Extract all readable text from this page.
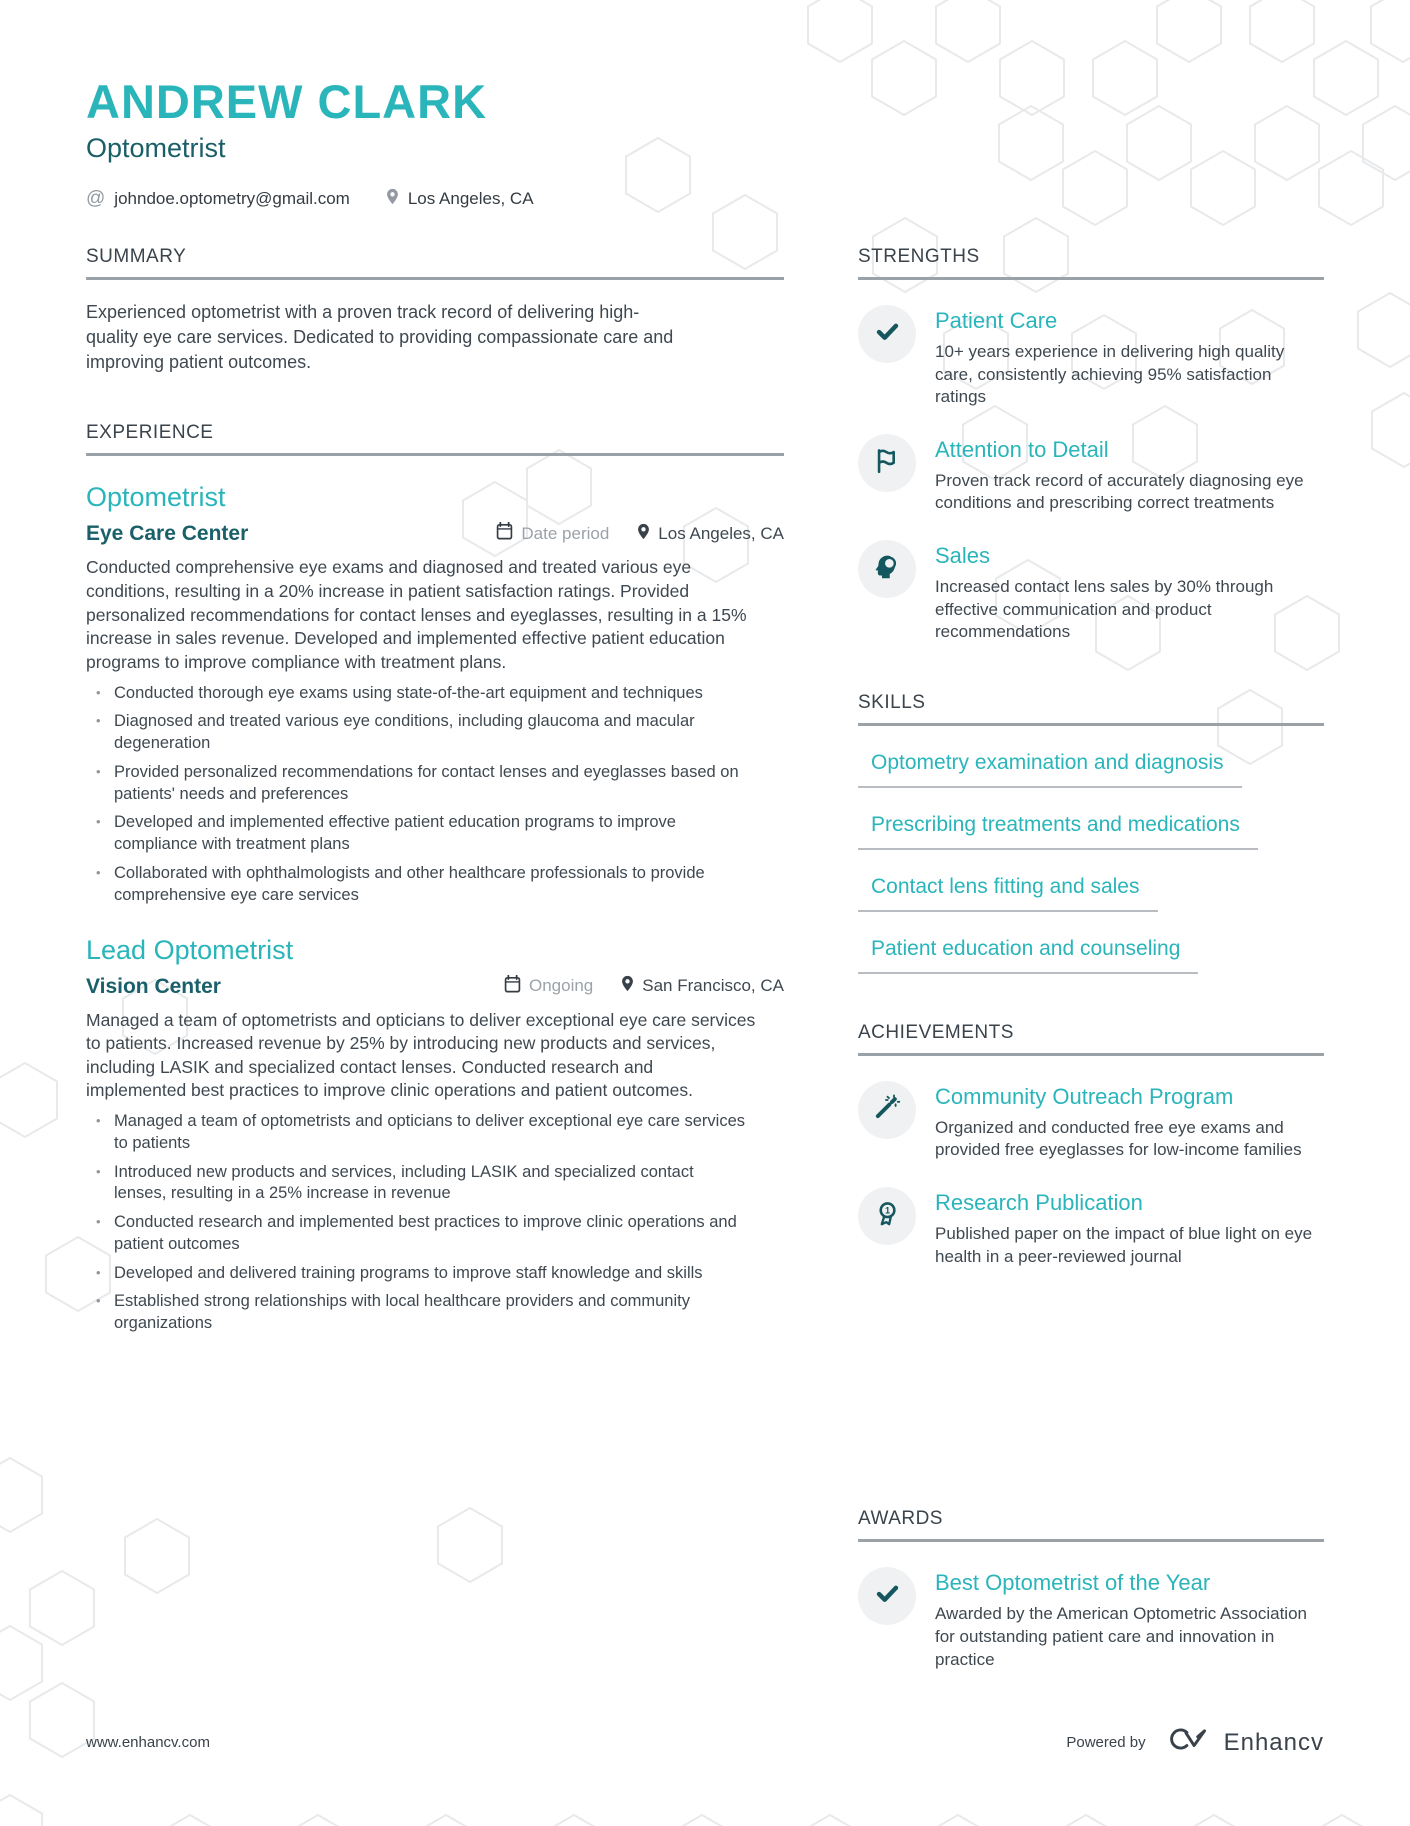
ANDREW CLARK
Optometrist
@ johndoe.optometry@gmail.com	Los Angeles, CA
SUMMARY

Experienced optometrist with a proven track record of delivering high-quality eye care services. Dedicated to providing compassionate care and improving patient outcomes.

EXPERIENCE
Optometrist
Eye Care Center	Date period	Los Angeles, CA

Conducted comprehensive eye exams and diagnosed and treated various eye conditions, resulting in a 20% increase in patient satisfaction ratings. Provided personalized recommendations for contact lenses and eyeglasses, resulting in a 15% increase in sales revenue. Developed and implemented effective patient education programs to improve compliance with treatment plans.

• Conducted thorough eye exams using state-of-the-art equipment and techniques
• Diagnosed and treated various eye conditions, including glaucoma and macular degeneration
• Provided personalized recommendations for contact lenses and eyeglasses based on patients' needs and preferences
• Developed and implemented effective patient education programs to improve compliance with treatment plans
• Collaborated with ophthalmologists and other healthcare professionals to provide comprehensive eye care services
Lead Optometrist
Vision Center	Ongoing	San Francisco, CA

Managed a team of optometrists and opticians to deliver exceptional eye care services to patients. Increased revenue by 25% by introducing new products and services, including LASIK and specialized contact lenses. Conducted research and implemented best practices to improve clinic operations and patient outcomes.

• Managed a team of optometrists and opticians to deliver exceptional eye care services to patients
• Introduced new products and services, including LASIK and specialized contact lenses, resulting in a 25% increase in revenue
• Conducted research and implemented best practices to improve clinic operations and patient outcomes
• Developed and delivered training programs to improve staff knowledge and skills
• Established strong relationships with local healthcare providers and community organizations
STRENGTHS
Patient Care
10+ years experience in delivering high quality care, consistently achieving 95% satisfaction ratings
Attention to Detail
Proven track record of accurately diagnosing eye conditions and prescribing correct treatments
Sales
Increased contact lens sales by 30% through effective communication and product recommendations
SKILLS
Optometry examination and diagnosis
Prescribing treatments and medications
Contact lens fitting and sales
Patient education and counseling
ACHIEVEMENTS
Community Outreach Program
Organized and conducted free eye exams and provided free eyeglasses for low-income families
1 Research Publication
Published paper on the impact of blue light on eye health in a peer-reviewed journal
AWARDS
Best Optometrist of the Year
Awarded by the American Optometric Association for outstanding patient care and innovation in practice
www.enhancv.com	Powered by	Enhancv
